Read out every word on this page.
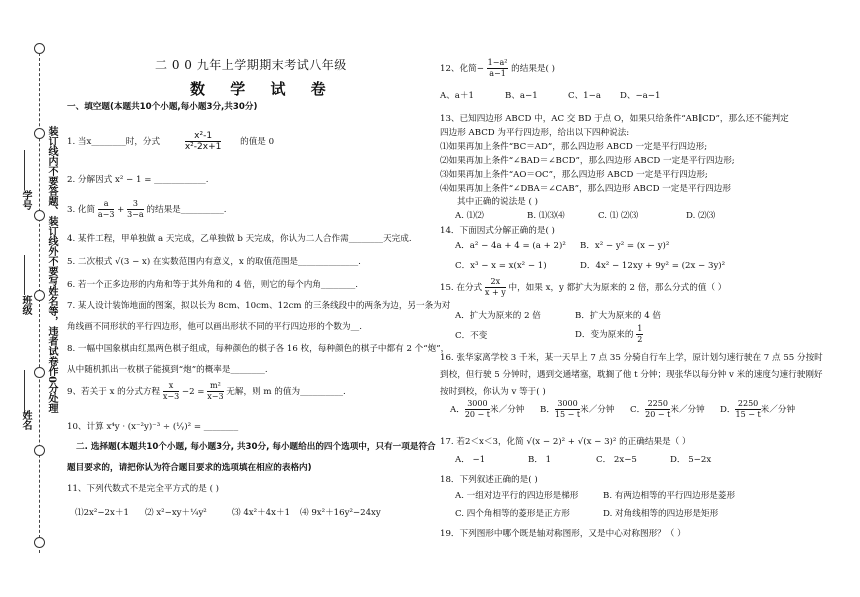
装订线内不要答题、装订线外不要写姓名等，违者试卷作0分处理
学号
班级
姓名
二 0 0 九年上学期期末考试八年级
数 学 试 卷
一、填空题(本题共10个小题,每小题3分,共30分)
1. 当x________时，分式	$\frac{\text{x²-1}}{\text{x²-2x+1}}$ 的值是 0
2. 分解因式 x² − 1 = ____________.
3. 化简 $\frac{a}{a-3} + \frac{3}{3-a}$ 的结果是__________.
4. 某件工程，甲单独做 a 天完成，乙单独做 b 天完成，你认为二人合作需________天完成.
5. 二次根式 √(3 − x) 在实数范围内有意义，x 的取值范围是______________.
6. 若一个正多边形的内角和等于其外角和的 4 倍，则它的每个内角________.
7. 某人设计装饰地面的图案，拟以长为 8cm、10cm、12cm 的三条线段中的两条为边，另一条为对
角线画不同形状的平行四边形，他可以画出形状不同的平行四边形的个数为__.
8. 一幅中国象棋由红黑两色棋子组成，每种颜色的棋子各 16 枚，每种颜色的棋子中都有 2 个“炮”，
从中随机抓出一枚棋子能摸到“炮”的概率是________.
9、若关于 x 的分式方程 $\frac{x}{x-3} -2 = \frac{\text{m²}}{x-3}$ 无解，则 m 的值为__________.
10、计算 x⁴y · (x⁻²y)⁻³ ÷ (¹⁄ᵧ)² = ________
二. 选择题(本题共10个小题, 每小题3分, 共30分, 每小题给出的四个选项中，只有一项是符合
题目要求的，请把你认为符合题目要求的选项填在相应的表格内)
11、下列代数式不是完全平方式的是 ( )
⑴2x²−2x＋1 ⑵ x²−xy＋¼y²	⑶ 4x²＋4x＋1 ⑷ 9x²＋16y²−24xy
12、化简− $\frac{\text{1−a²}}{a-1}$ 的结果是( )
A、a＋1	B、a−1	C、1−a D、−a−1
13、已知四边形 ABCD 中，AC 交 BD 于点 O，如果只给条件“AB∥CD”，那么还不能判定
四边形 ABCD 为平行四边形，给出以下四种说法:
⑴如果再加上条件“BC＝AD”，那么四边形 ABCD 一定是平行四边形;
⑵如果再加上条件“∠BAD＝∠BCD”，那么四边形 ABCD 一定是平行四边形;
⑶如果再加上条件“AO＝OC”，那么四边形 ABCD 一定是平行四边形;
⑷如果再加上条件“∠DBA＝∠CAB”，那么四边形 ABCD 一定是平行四边形
其中正确的说法是 ( )
A. ⑴⑵	B. ⑴⑶⑷	C. ⑴ ⑵⑶	D. ⑵⑶
14．下面因式分解正确的是( )
A．a² − 4a + 4 = (a + 2)² B．x² − y² = (x − y)²
C．x³ − x = x(x² − 1)	D．4x² − 12xy + 9y² = (2x − 3y)²
15. 在分式 $\frac{2x}{x + y}$ 中，如果 x，y 都扩大为原来的 2 倍，那么分式的值（ ）
A．扩大为原来的 2 倍	B．扩大为原来的 4 倍
C．不变	D．变为原来的 $\frac{1}{2}$
16. 张华家离学校 3 千米，某一天早上 7 点 35 分骑自行车上学，原计划匀速行驶在 7 点 55 分按时
到校，但行驶 5 分钟时，遇到交通堵塞，耽搁了他 t 分钟；现张华以每分钟 v 米的速度匀速行驶刚好
按时到校，你认为 v 等于( )
A． $\frac{3000}{20 - t}$ 米／分钟 B． $\frac{3000}{15 - t}$ 米／分钟 C． $\frac{2250}{20 - t}$ 米／分钟 D． $\frac{2250}{15 - t}$ 米／分钟
17. 若2＜x＜3，化简 √(x − 2)² + √(x − 3)² 的正确结果是（ ）
A． −1	B． 1	C． 2x−5	D． 5−2x
18．下列叙述正确的是( )
A. 一组对边平行的四边形是梯形	B. 有两边相等的平行四边形是菱形
C. 四个角相等的菱形是正方形	D. 对角线相等的四边形是矩形
19．下列图形中哪个既是轴对称图形，又是中心对称图形？（ ）
